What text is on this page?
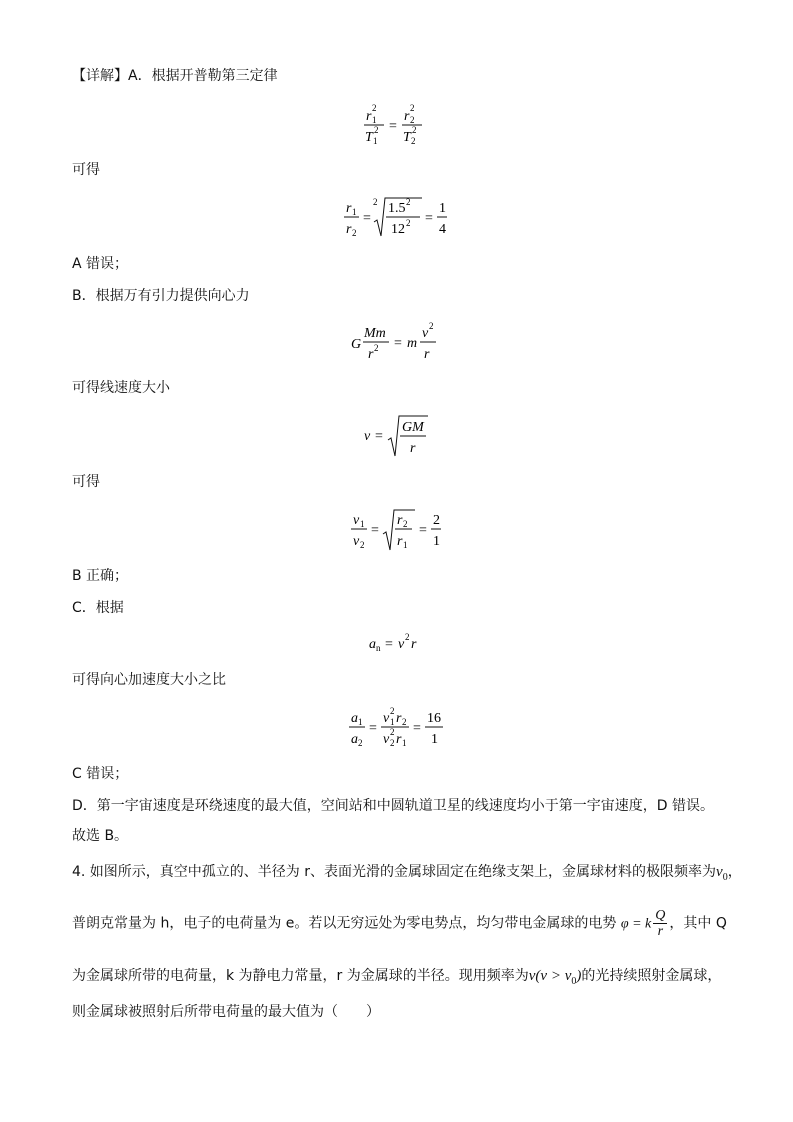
【详解】A．根据开普勒第三定律
r 1
2
T 1
2 =
r 2
2
T 2
2
可得
r 1
r 2
=
2 1.5 2
12 2 =
1
4
A 错误；
B．根据万有引力提供向心力
G
Mm
r 2 = m
v 2
r
可得线速度大小
v =
GM
r
可得
v 1
v 2
=
r 2
r 1
=
2
1
B 正确；
C．根据
a n = v 2 r
可得向心加速度大小之比
a 1
a 2
=
v 2
1 r 2
v 2
2 r 1
=
16
1
C 错误；
D．第一宇宙速度是环绕速度的最大值，空间站和中圆轨道卫星的线速度均小于第一宇宙速度，D 错误。
故选 B。
4. 如图所示，真空中孤立的、半径为 r、表面光滑的金属球固定在绝缘支架上，金属球材料的极限频率为$\nu_0$，
普朗克常量为 h，电子的电荷量为 e。若以无穷远处为零电势点，均匀带电金属球的电势 φ = k $\frac{Q}{r}$ ，其中 Q
为金属球所带的电荷量，k 为静电力常量，r 为金属球的半径。现用频率为$\nu(\nu > \nu_0)$的光持续照射金属球，
则金属球被照射后所带电荷量的最大值为（　　）
